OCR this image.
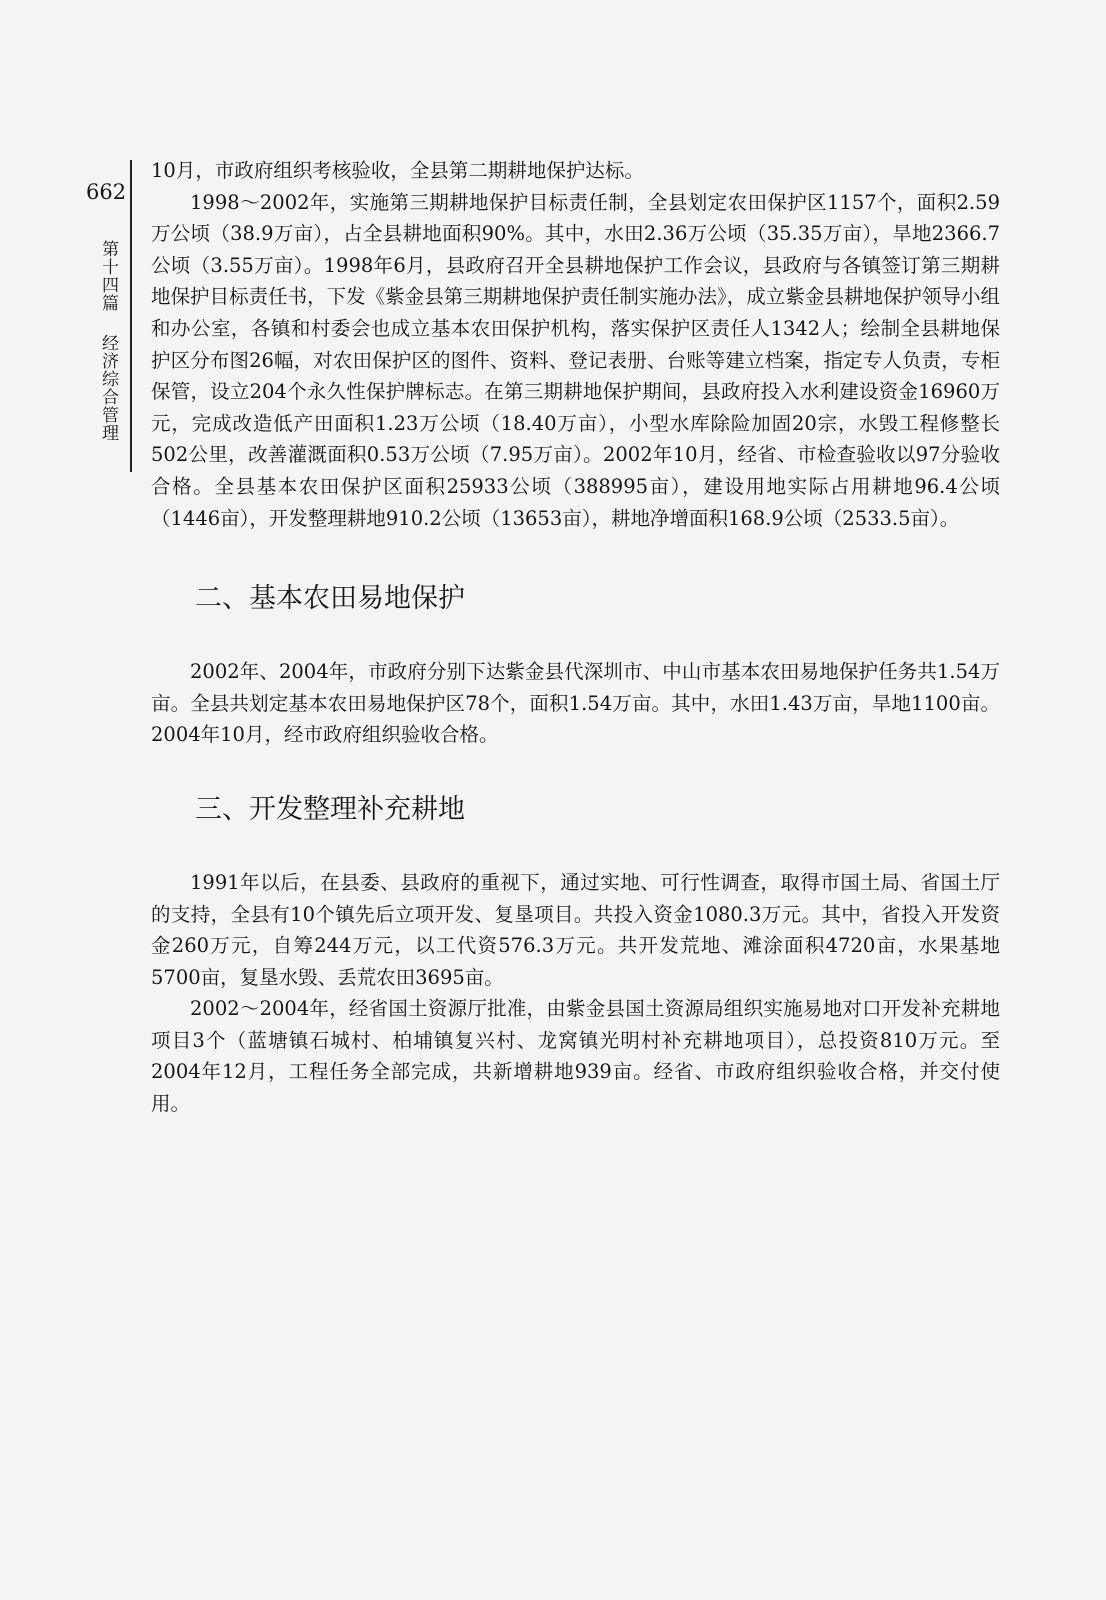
662
第十四篇
经济综合管理

10月，市政府组织考核验收，全县第二期耕地保护达标。

1998～2002年，实施第三期耕地保护目标责任制，全县划定农田保护区1157个，面积2.59万公顷（38.9万亩），占全县耕地面积90%。其中，水田2.36万公顷（35.35万亩），旱地2366.7公顷（3.55万亩）。1998年6月，县政府召开全县耕地保护工作会议，县政府与各镇签订第三期耕地保护目标责任书，下发《紫金县第三期耕地保护责任制实施办法》，成立紫金县耕地保护领导小组和办公室，各镇和村委会也成立基本农田保护机构，落实保护区责任人1342人；绘制全县耕地保护区分布图26幅，对农田保护区的图件、资料、登记表册、台账等建立档案，指定专人负责，专柜保管，设立204个永久性保护牌标志。在第三期耕地保护期间，县政府投入水利建设资金16960万元，完成改造低产田面积1.23万公顷（18.40万亩），小型水库除险加固20宗，水毁工程修整长502公里，改善灌溉面积0.53万公顷（7.95万亩）。2002年10月，经省、市检查验收以97分验收合格。全县基本农田保护区面积25933公顷（388995亩），建设用地实际占用耕地96.4公顷（1446亩），开发整理耕地910.2公顷（13653亩），耕地净增面积168.9公顷（2533.5亩）。

二、基本农田易地保护

2002年、2004年，市政府分别下达紫金县代深圳市、中山市基本农田易地保护任务共1.54万亩。全县共划定基本农田易地保护区78个，面积1.54万亩。其中，水田1.43万亩，旱地1100亩。2004年10月，经市政府组织验收合格。

三、开发整理补充耕地

1991年以后，在县委、县政府的重视下，通过实地、可行性调查，取得市国土局、省国土厅的支持，全县有10个镇先后立项开发、复垦项目。共投入资金1080.3万元。其中，省投入开发资金260万元，自筹244万元，以工代资576.3万元。共开发荒地、滩涂面积4720亩，水果基地5700亩，复垦水毁、丢荒农田3695亩。

2002～2004年，经省国土资源厅批准，由紫金县国土资源局组织实施易地对口开发补充耕地项目3个（蓝塘镇石城村、柏埔镇复兴村、龙窝镇光明村补充耕地项目），总投资810万元。至2004年12月，工程任务全部完成，共新增耕地939亩。经省、市政府组织验收合格，并交付使用。
